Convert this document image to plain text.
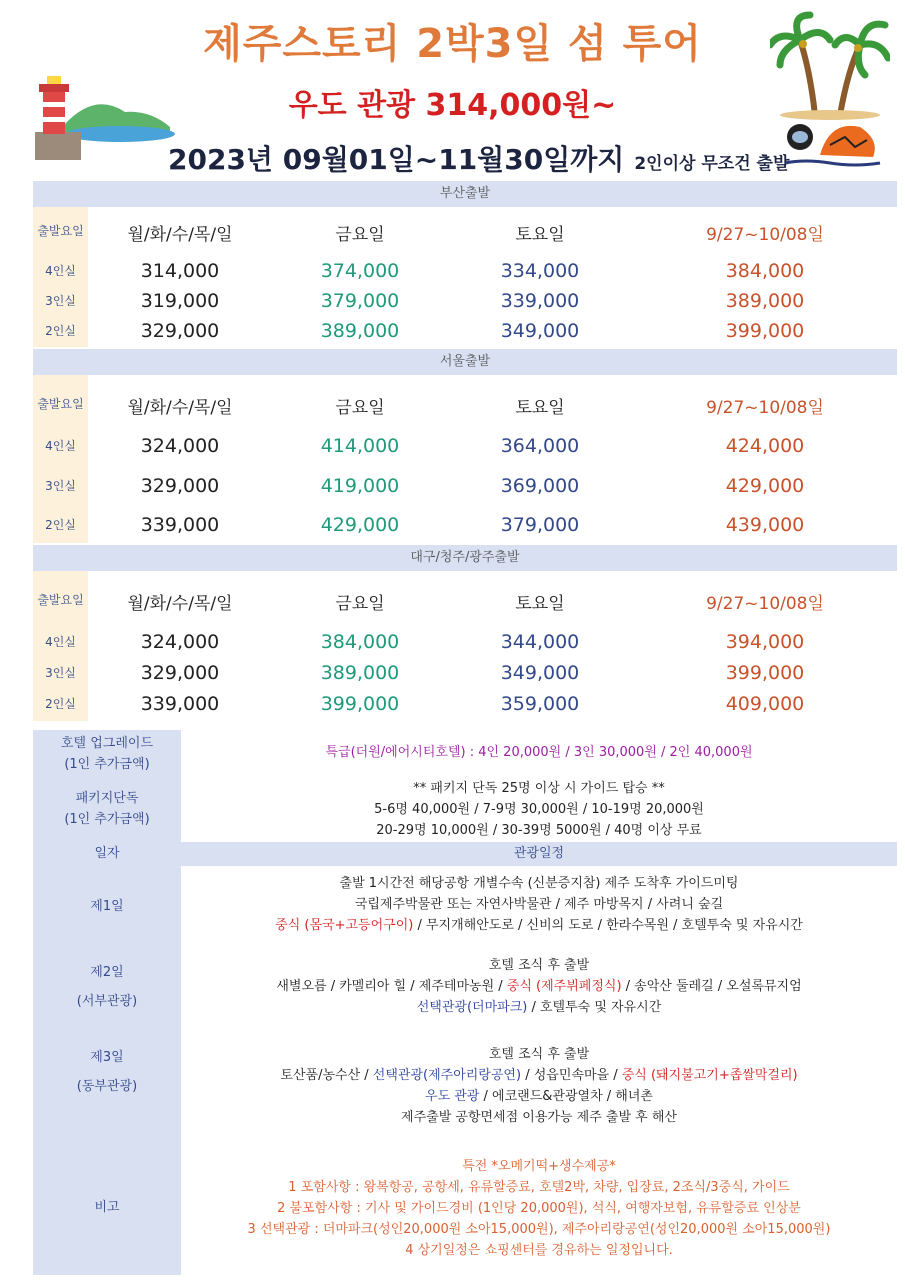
제주스토리 2박3일 섬 투어
우도 관광 314,000원~
2023년 09월01일~11월30일까지 2인이상 무조건 출발
부산출발
출발요일	월/화/수/목/일	금요일	토요일	9/27~10/08일
4인실	314,000	374,000	334,000	384,000
3인실	319,000	379,000	339,000	389,000
2인실	329,000	389,000	349,000	399,000
서울출발
출발요일	월/화/수/목/일	금요일	토요일	9/27~10/08일
4인실	324,000	414,000	364,000	424,000
3인실	329,000	419,000	369,000	429,000
2인실	339,000	429,000	379,000	439,000
대구/청주/광주출발
출발요일	월/화/수/목/일	금요일	토요일	9/27~10/08일
4인실	324,000	384,000	344,000	394,000
3인실	329,000	389,000	349,000	399,000
2인실	339,000	399,000	359,000	409,000
호텔 업그레이드
(1인 추가금액)
특급(더원/에어시티호텔) : 4인 20,000원 / 3인 30,000원 / 2인 40,000원
패키지단독
(1인 추가금액)
** 패키지 단독 25명 이상 시 가이드 탑승 **
5-6명 40,000원 / 7-9명 30,000원 / 10-19명 20,000원
20-29명 10,000원 / 30-39명 5000원 / 40명 이상 무료
일자	관광일정
제1일
출발 1시간전 해당공항 개별수속 (신분증지참) 제주 도착후 가이드미팅
국립제주박물관 또는 자연사박물관 / 제주 마방목지 / 사려니 숲길
중식 (몸국+고등어구이) / 무지개해안도로 / 신비의 도로 / 한라수목원 / 호텔투숙 및 자유시간
제2일
(서부관광)
호텔 조식 후 출발
새별오름 / 카멜리아 힐 / 제주테마농원 / 중식 (제주뷔페정식) / 송악산 둘레길 / 오설록뮤지엄
선택관광(더마파크) / 호텔투숙 및 자유시간
제3일
(동부관광)
호텔 조식 후 출발
토산품/농수산 / 선택관광(제주아리랑공연) / 성읍민속마을 / 중식 (돼지불고기+좁쌀막걸리)
우도 관광 / 에코랜드&관광열차 / 해녀촌
제주출발 공항면세점 이용가능 제주 출발 후 해산
비고
특전 *오메기떡+생수제공*
1 포함사항 : 왕복항공, 공항세, 유류할증료, 호텔2박, 차량, 입장료, 2조식/3중식, 가이드
2 불포함사항 : 기사 및 가이드경비 (1인당 20,000원), 석식, 여행자보험, 유류할증료 인상분
3 선택관광 : 더마파크(성인20,000원 소아15,000원), 제주아리랑공연(성인20,000원 소아15,000원)
4 상기일정은 쇼핑센터를 경유하는 일정입니다.
